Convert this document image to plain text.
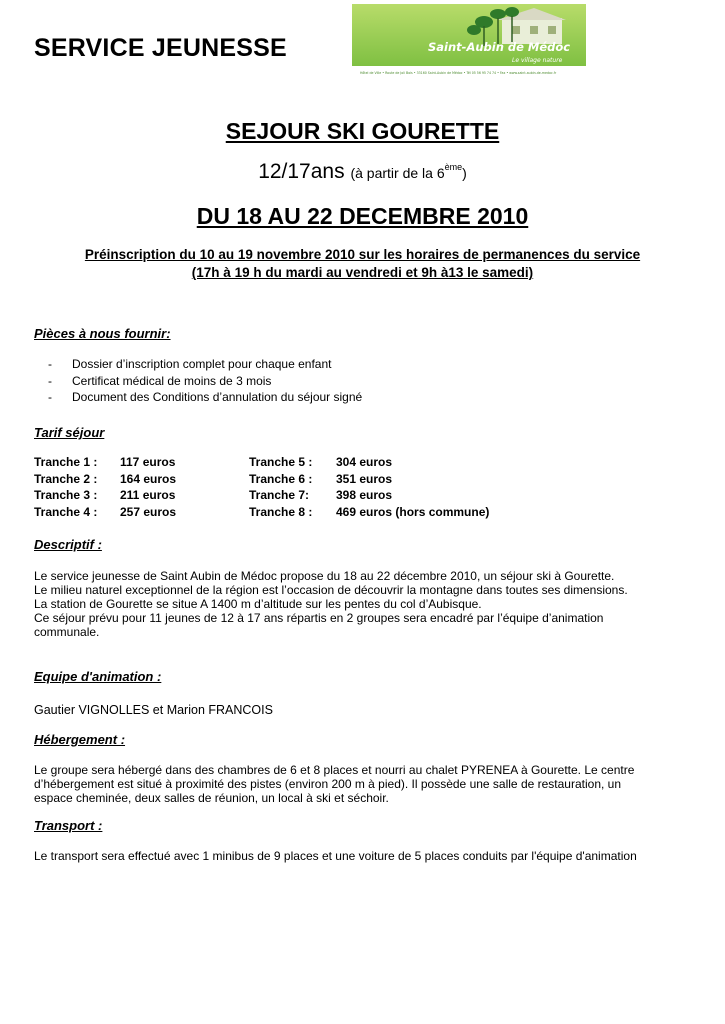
SERVICE JEUNESSE	Saint-Aubin de Médoc
Le village nature
Hôtel de Ville • Route de Joli Bois • 33160 Saint-Aubin de Médoc • Tél 05 56 95 74 74 • Fax • www.saint-aubin-de-medoc.fr
SEJOUR SKI GOURETTE
12/17ans (à partir de la 6ème)
DU 18 AU 22 DECEMBRE 2010
Préinscription du 10 au 19 novembre 2010 sur les horaires de permanences du service
(17h à 19 h du mardi au vendredi et 9h à13 le samedi)
Pièces à nous fournir:
- Dossier d’inscription complet pour chaque enfant
- Certificat médical de moins de 3 mois
- Document des Conditions d’annulation du séjour signé
Tarif séjour
Tranche 1 : 117 euros	Tranche 5 : 304 euros
Tranche 2 : 164 euros	Tranche 6 : 351 euros
Tranche 3 : 211 euros	Tranche 7: 398 euros
Tranche 4 : 257 euros	Tranche 8 : 469 euros (hors commune)
Descriptif :

Le service jeunesse de Saint Aubin de Médoc propose du 18 au 22 décembre 2010, un séjour ski à Gourette.

Le milieu naturel exceptionnel de la région est l’occasion de découvrir la montagne dans toutes ses dimensions.

La station de Gourette se situe A 1400 m d’altitude sur les pentes du col d’Aubisque.

Ce séjour prévu pour 11 jeunes de 12 à 17 ans répartis en 2 groupes sera encadré par l’équipe d’animation communale.

Equipe d'animation :
Gautier VIGNOLLES et Marion FRANCOIS
Hébergement :
Le groupe sera hébergé dans des chambres de 6 et 8 places et nourri au chalet PYRENEA à Gourette. Le centre d’hébergement est situé à proximité des pistes (environ 200 m à pied). Il possède une salle de restauration, un espace cheminée, deux salles de réunion, un local à ski et séchoir.
Transport :
Le transport sera effectué avec 1 minibus de 9 places et une voiture de 5 places conduits par l'équipe d'animation
